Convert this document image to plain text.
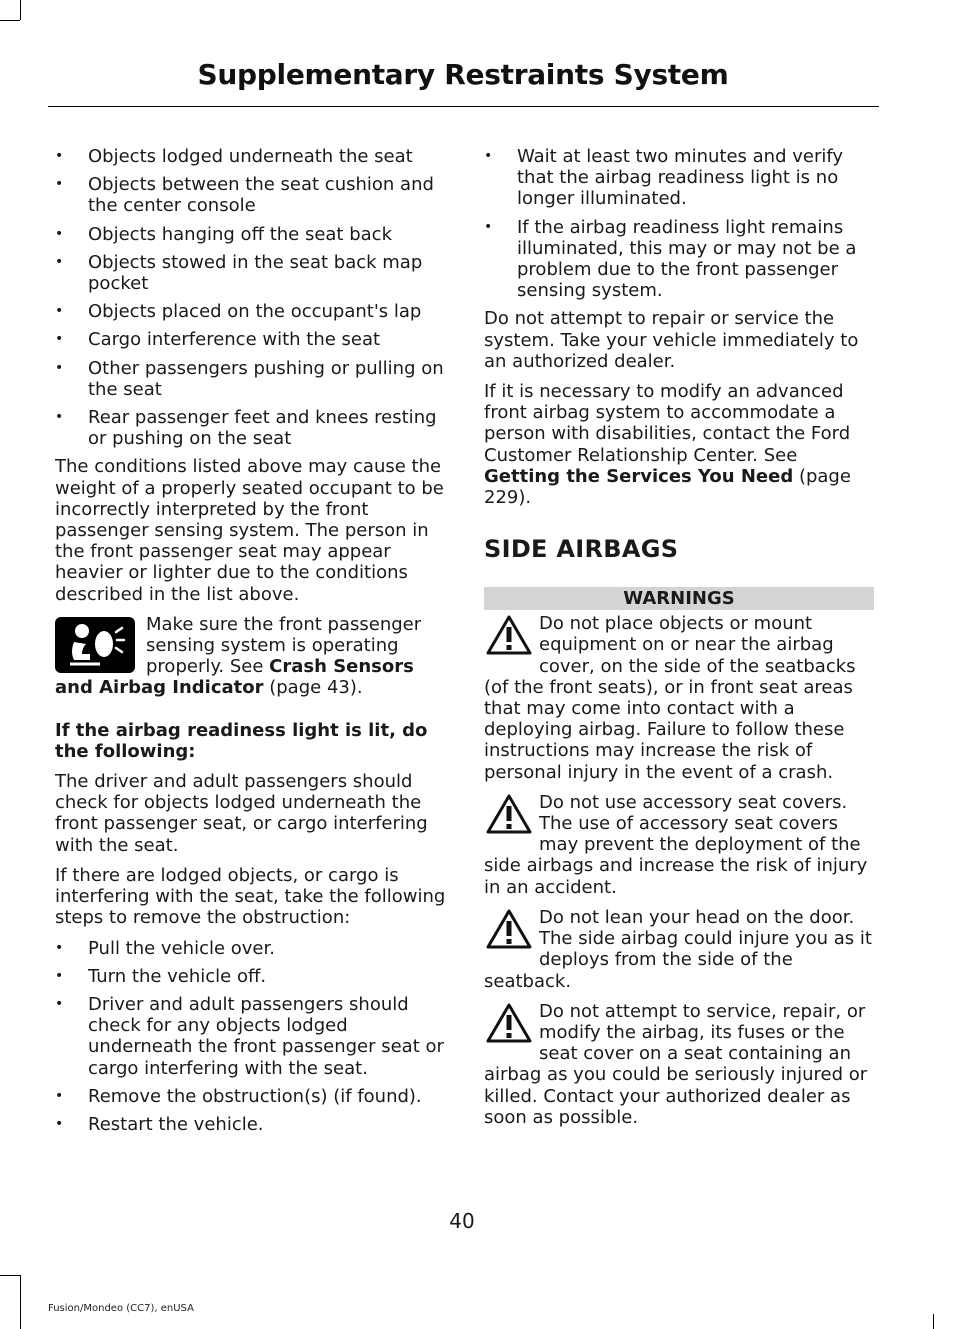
Supplementary Restraints System
• Objects lodged underneath the seat
• Objects between the seat cushion and the center console
• Objects hanging off the seat back
• Objects stowed in the seat back map pocket
• Objects placed on the occupant's lap
• Cargo interference with the seat
• Other passengers pushing or pulling on the seat
• Rear passenger feet and knees resting or pushing on the seat

The conditions listed above may cause the weight of a properly seated occupant to be incorrectly interpreted by the front passenger sensing system. The person in the front passenger seat may appear heavier or lighter due to the conditions described in the list above.

Make sure the front passenger sensing system is operating properly. See Crash Sensors and Airbag Indicator (page 43).

If the airbag readiness light is lit, do the following:

The driver and adult passengers should check for objects lodged underneath the front passenger seat, or cargo interfering with the seat.

If there are lodged objects, or cargo is interfering with the seat, take the following steps to remove the obstruction:

• Pull the vehicle over.
• Turn the vehicle off.
• Driver and adult passengers should check for any objects lodged underneath the front passenger seat or cargo interfering with the seat.
• Remove the obstruction(s) (if found).
• Restart the vehicle.
• Wait at least two minutes and verify that the airbag readiness light is no longer illuminated.
• If the airbag readiness light remains illuminated, this may or may not be a problem due to the front passenger sensing system.

Do not attempt to repair or service the system. Take your vehicle immediately to an authorized dealer.

If it is necessary to modify an advanced front airbag system to accommodate a person with disabilities, contact the Ford Customer Relationship Center. See Getting the Services You Need (page 229).

SIDE AIRBAGS
WARNINGS
Do not place objects or mount equipment on or near the airbag cover, on the side of the seatbacks (of the front seats), or in front seat areas that may come into contact with a deploying airbag. Failure to follow these instructions may increase the risk of personal injury in the event of a crash.
Do not use accessory seat covers. The use of accessory seat covers may prevent the deployment of the side airbags and increase the risk of injury in an accident.
Do not lean your head on the door. The side airbag could injure you as it deploys from the side of the seatback.
Do not attempt to service, repair, or modify the airbag, its fuses or the seat cover on a seat containing an airbag as you could be seriously injured or killed. Contact your authorized dealer as soon as possible.
40
Fusion/Mondeo (CC7), enUSA
